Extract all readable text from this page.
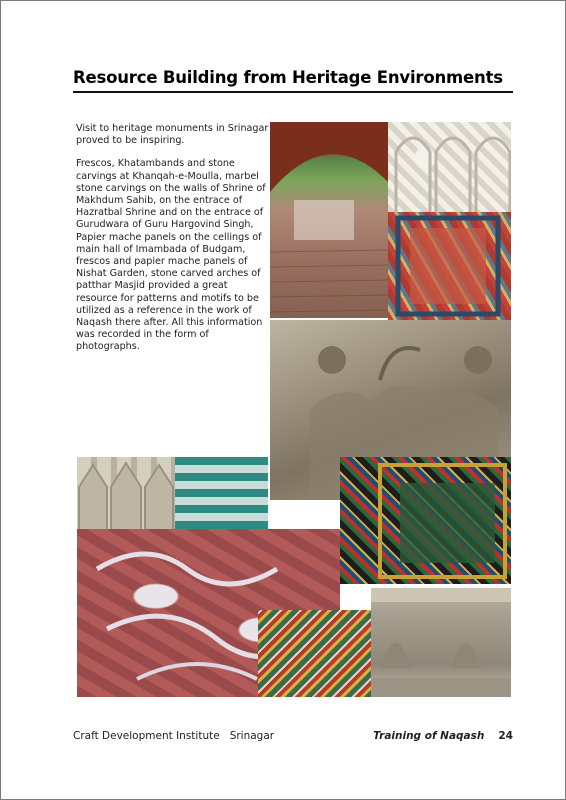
Resource Building from Heritage Environments

Visit to heritage monuments in Srinagar proved to be inspiring.

Frescos, Khatambands and stone carvings at Khanqah-e-Moulla, marbel stone carvings on the walls of Shrine of Makhdum Sahib, on the entrace of Hazratbal Shrine and on the entrace of Gurudwara of Guru Hargovind Singh, Papier mache panels on the cellings of main hall of Imambada of Budgam, frescos and papier mache panels of Nishat Garden, stone carved arches of patthar Masjid provided a great resource for patterns and motifs to be utilized as a reference in the work of Naqash there after. All this information was recorded in the form of photographs.

Craft Development Institute   Srinagar	Training of Naqash 24
